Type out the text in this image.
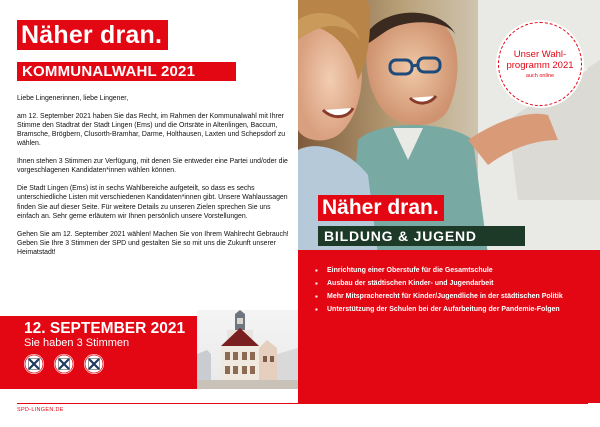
Näher dran.
KOMMUNALWAHL 2021

Liebe Lingenerinnen, liebe Lingener,

am 12. September 2021 haben Sie das Recht, im Rahmen der Kommunalwahl mit Ihrer Stimme den Stadtrat der Stadt Lingen (Ems) und die Ortsräte in Altenlingen, Baccum, Bramsche, Brögbern, Clusorth-Bramhar, Darme, Holthausen, Laxten und Schepsdorf zu wählen.

Ihnen stehen 3 Stimmen zur Verfügung, mit denen Sie entweder eine Partei und/oder die vorgeschlagenen Kandidaten*innen wählen können.

Die Stadt Lingen (Ems) ist in sechs Wahlbereiche aufgeteilt, so dass es sechs unterschiedliche Listen mit verschiedenen Kandidaten*innen gibt. Unsere Wahlaussagen finden Sie auf dieser Seite. Für weitere Details zu unseren Zielen sprechen Sie uns einfach an. Sehr gerne erläutern wir Ihnen persönlich unsere Vorstellungen.

Gehen Sie am 12. September 2021 wählen! Machen Sie von Ihrem Wahlrecht Gebrauch! Geben Sie Ihre 3 Stimmen der SPD und gestalten Sie so mit uns die Zukunft unserer Heimatstadt!

12. SEPTEMBER 2021
Sie haben 3 Stimmen
SPD-LINGEN.DE
Unser Wahlprogramm 2021
auch online
Näher dran.
BILDUNG & JUGEND
▪ Einrichtung einer Oberstufe für die Gesamtschule
▪ Ausbau der städtischen Kinder- und Jugendarbeit
▪ Mehr Mitspracherecht für Kinder/Jugendliche in der städtischen Politik
▪ Unterstützung der Schulen bei der Aufarbeitung der Pandemie-Folgen
